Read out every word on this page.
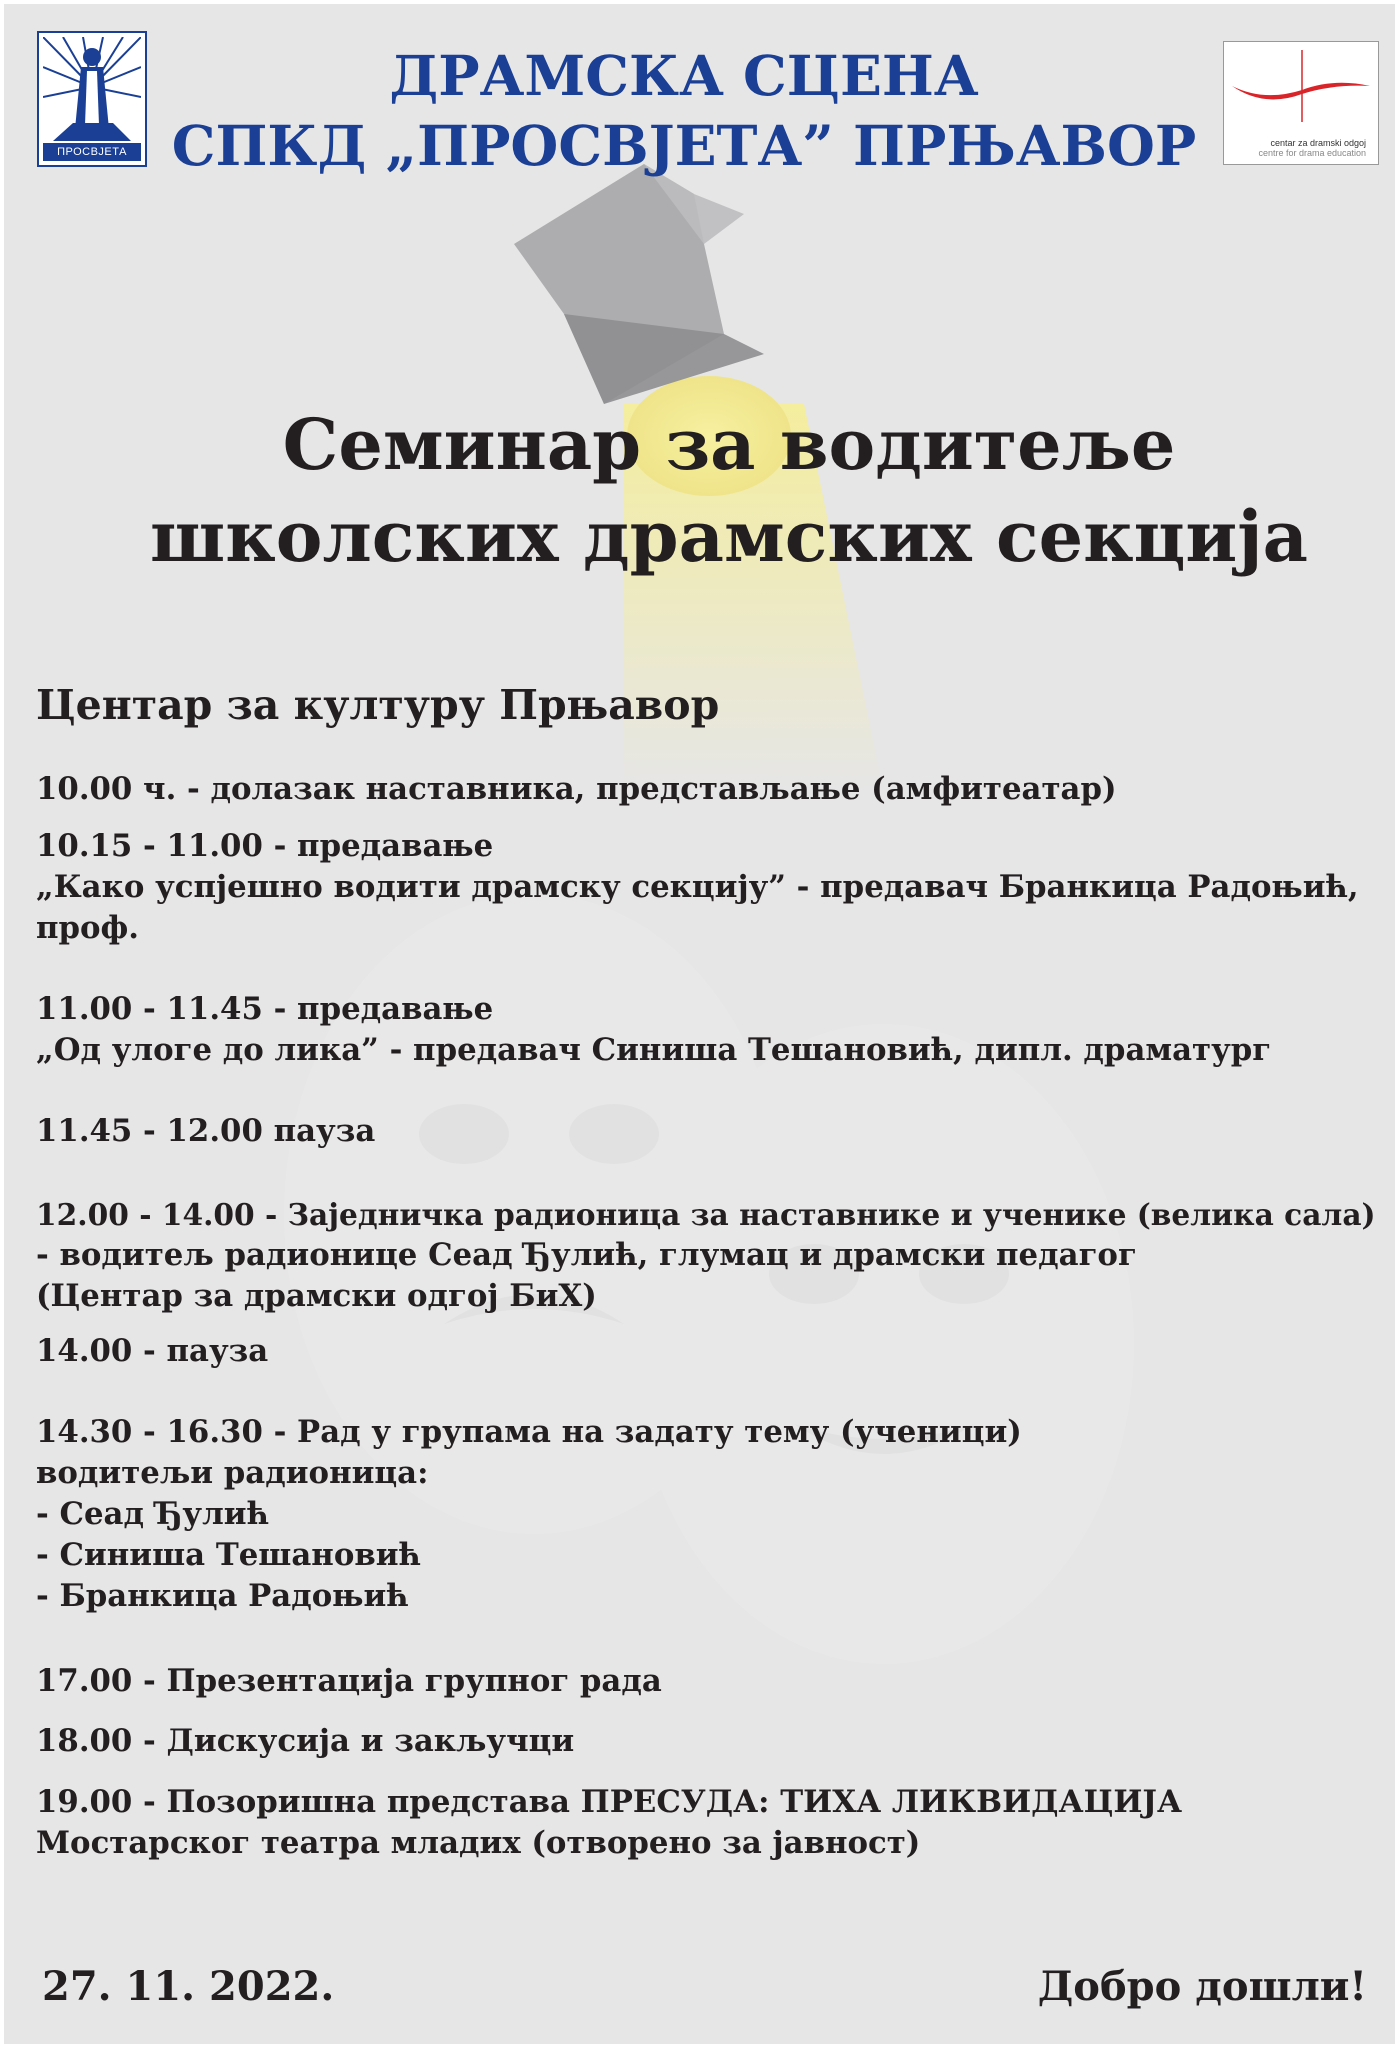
ПРОСВЈЕТА
centar za dramski odgoj
centre for drama education
ДРАМСКА СЦЕНА
СПКД „ПРОСВЈЕТА” ПРЊАВОР
Семинар за водитеље
школских драмских секција
Центар за културу Прњавор
10.00 ч. - долазак наставника, представљање (амфитеатар)
10.15 - 11.00 - предавање
„Како успјешно водити драмску секцију” - предавач Бранкица Радоњић,
проф.
11.00 - 11.45 - предавање
„Од улоге до лика” - предавач Синиша Тешановић, дипл. драматург
11.45 - 12.00 пауза
12.00 - 14.00 - Заједничка радионица за наставнике и ученике (велика сала)
- водитељ радионице Сеад Ђулић, глумац и драмски педагог
(Центар за драмски одгој БиХ)
14.00 - пауза
14.30 - 16.30 - Рад у групама на задату тему (ученици)
водитељи радионица:
- Сеад Ђулић
- Синиша Тешановић
- Бранкица Радоњић
17.00 - Презентација групног рада
18.00 - Дискусија и закључци
19.00 - Позоришна представа ПРЕСУДА: ТИХА ЛИКВИДАЦИЈА
Мостарског театра младих (отворено за јавност)
27. 11. 2022.	Добро дошли!
